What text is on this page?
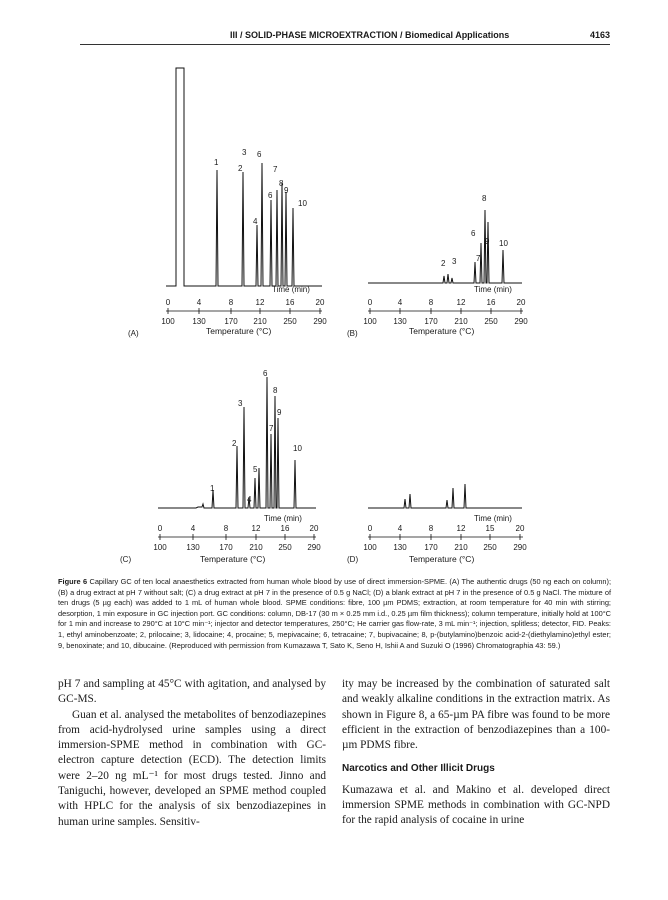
III / SOLID-PHASE MICROEXTRACTION / Biomedical Applications	4163
1
2
3 6
7
8
6
9
4
10
Time (min)
0	4	8	12	16	20
100 130 170 210 250 290
(A)	Temperature (°C)
8
6
9 10
7
2 3
Time (min)
0	4	8	12	16	20
100 130 170 210 250 290
(B)	Temperature (°C)
6
8
3
9
7
2
10
5
1
4
Time (min)
0	4	8	12	16	20
100 130 170 210 250 290
(C)	Temperature (°C)
Time (min)
0	4	8	12	15	20
100 130 170 210 250 290
(D)	Temperature (°C)
Figure 6 Capillary GC of ten local anaesthetics extracted from human whole blood by use of direct immersion-SPME. (A) The authentic drugs (50 ng each on column); (B) a drug extract at pH 7 without salt; (C) a drug extract at pH 7 in the presence of 0.5 g NaCl; (D) a blank extract at pH 7 in the presence of 0.5 g NaCl. The mixture of ten drugs (5 µg each) was added to 1 mL of human whole blood. SPME conditions: fibre, 100 µm PDMS; extraction, at room temperature for 40 min with stirring; desorption, 1 min exposure in GC injection port. GC conditions: column, DB-17 (30 m × 0.25 mm i.d., 0.25 µm film thickness); column temperature, initially hold at 100°C for 1 min and increase to 290°C at 10°C min⁻¹; injector and detector temperatures, 250°C; He carrier gas flow-rate, 3 mL min⁻¹; injection, splitless; detector, FID. Peaks: 1, ethyl aminobenzoate; 2, prilocaine; 3, lidocaine; 4, procaine; 5, mepivacaine; 6, tetracaine; 7, bupivacaine; 8, p-(butylamino)benzoic acid-2-(diethylamino)ethyl ester; 9, benoxinate; and 10, dibucaine. (Reproduced with permission from Kumazawa T, Sato K, Seno H, Ishii A and Suzuki O (1996) Chromatographia 43: 59.)

pH 7 and sampling at 45°C with agitation, and analysed by GC-MS.

Guan et al. analysed the metabolites of benzodiazepines from acid-hydrolysed urine samples using a direct immersion-SPME method in combination with GC-electron capture detection (ECD). The detection limits were 2–20 ng mL⁻¹ for most drugs tested. Jinno and Taniguchi, however, developed an SPME method coupled with HPLC for the analysis of six benzodiazepines in human urine samples. Sensitiv-

ity may be increased by the combination of saturated salt and weakly alkaline conditions in the extraction matrix. As shown in Figure 8, a 65-µm PA fibre was found to be more efficient in the extraction of benzodiazepines than a 100-µm PDMS fibre.

Narcotics and Other Illicit Drugs

Kumazawa et al. and Makino et al. developed direct immersion SPME methods in combination with GC-NPD for the rapid analysis of cocaine in urine
